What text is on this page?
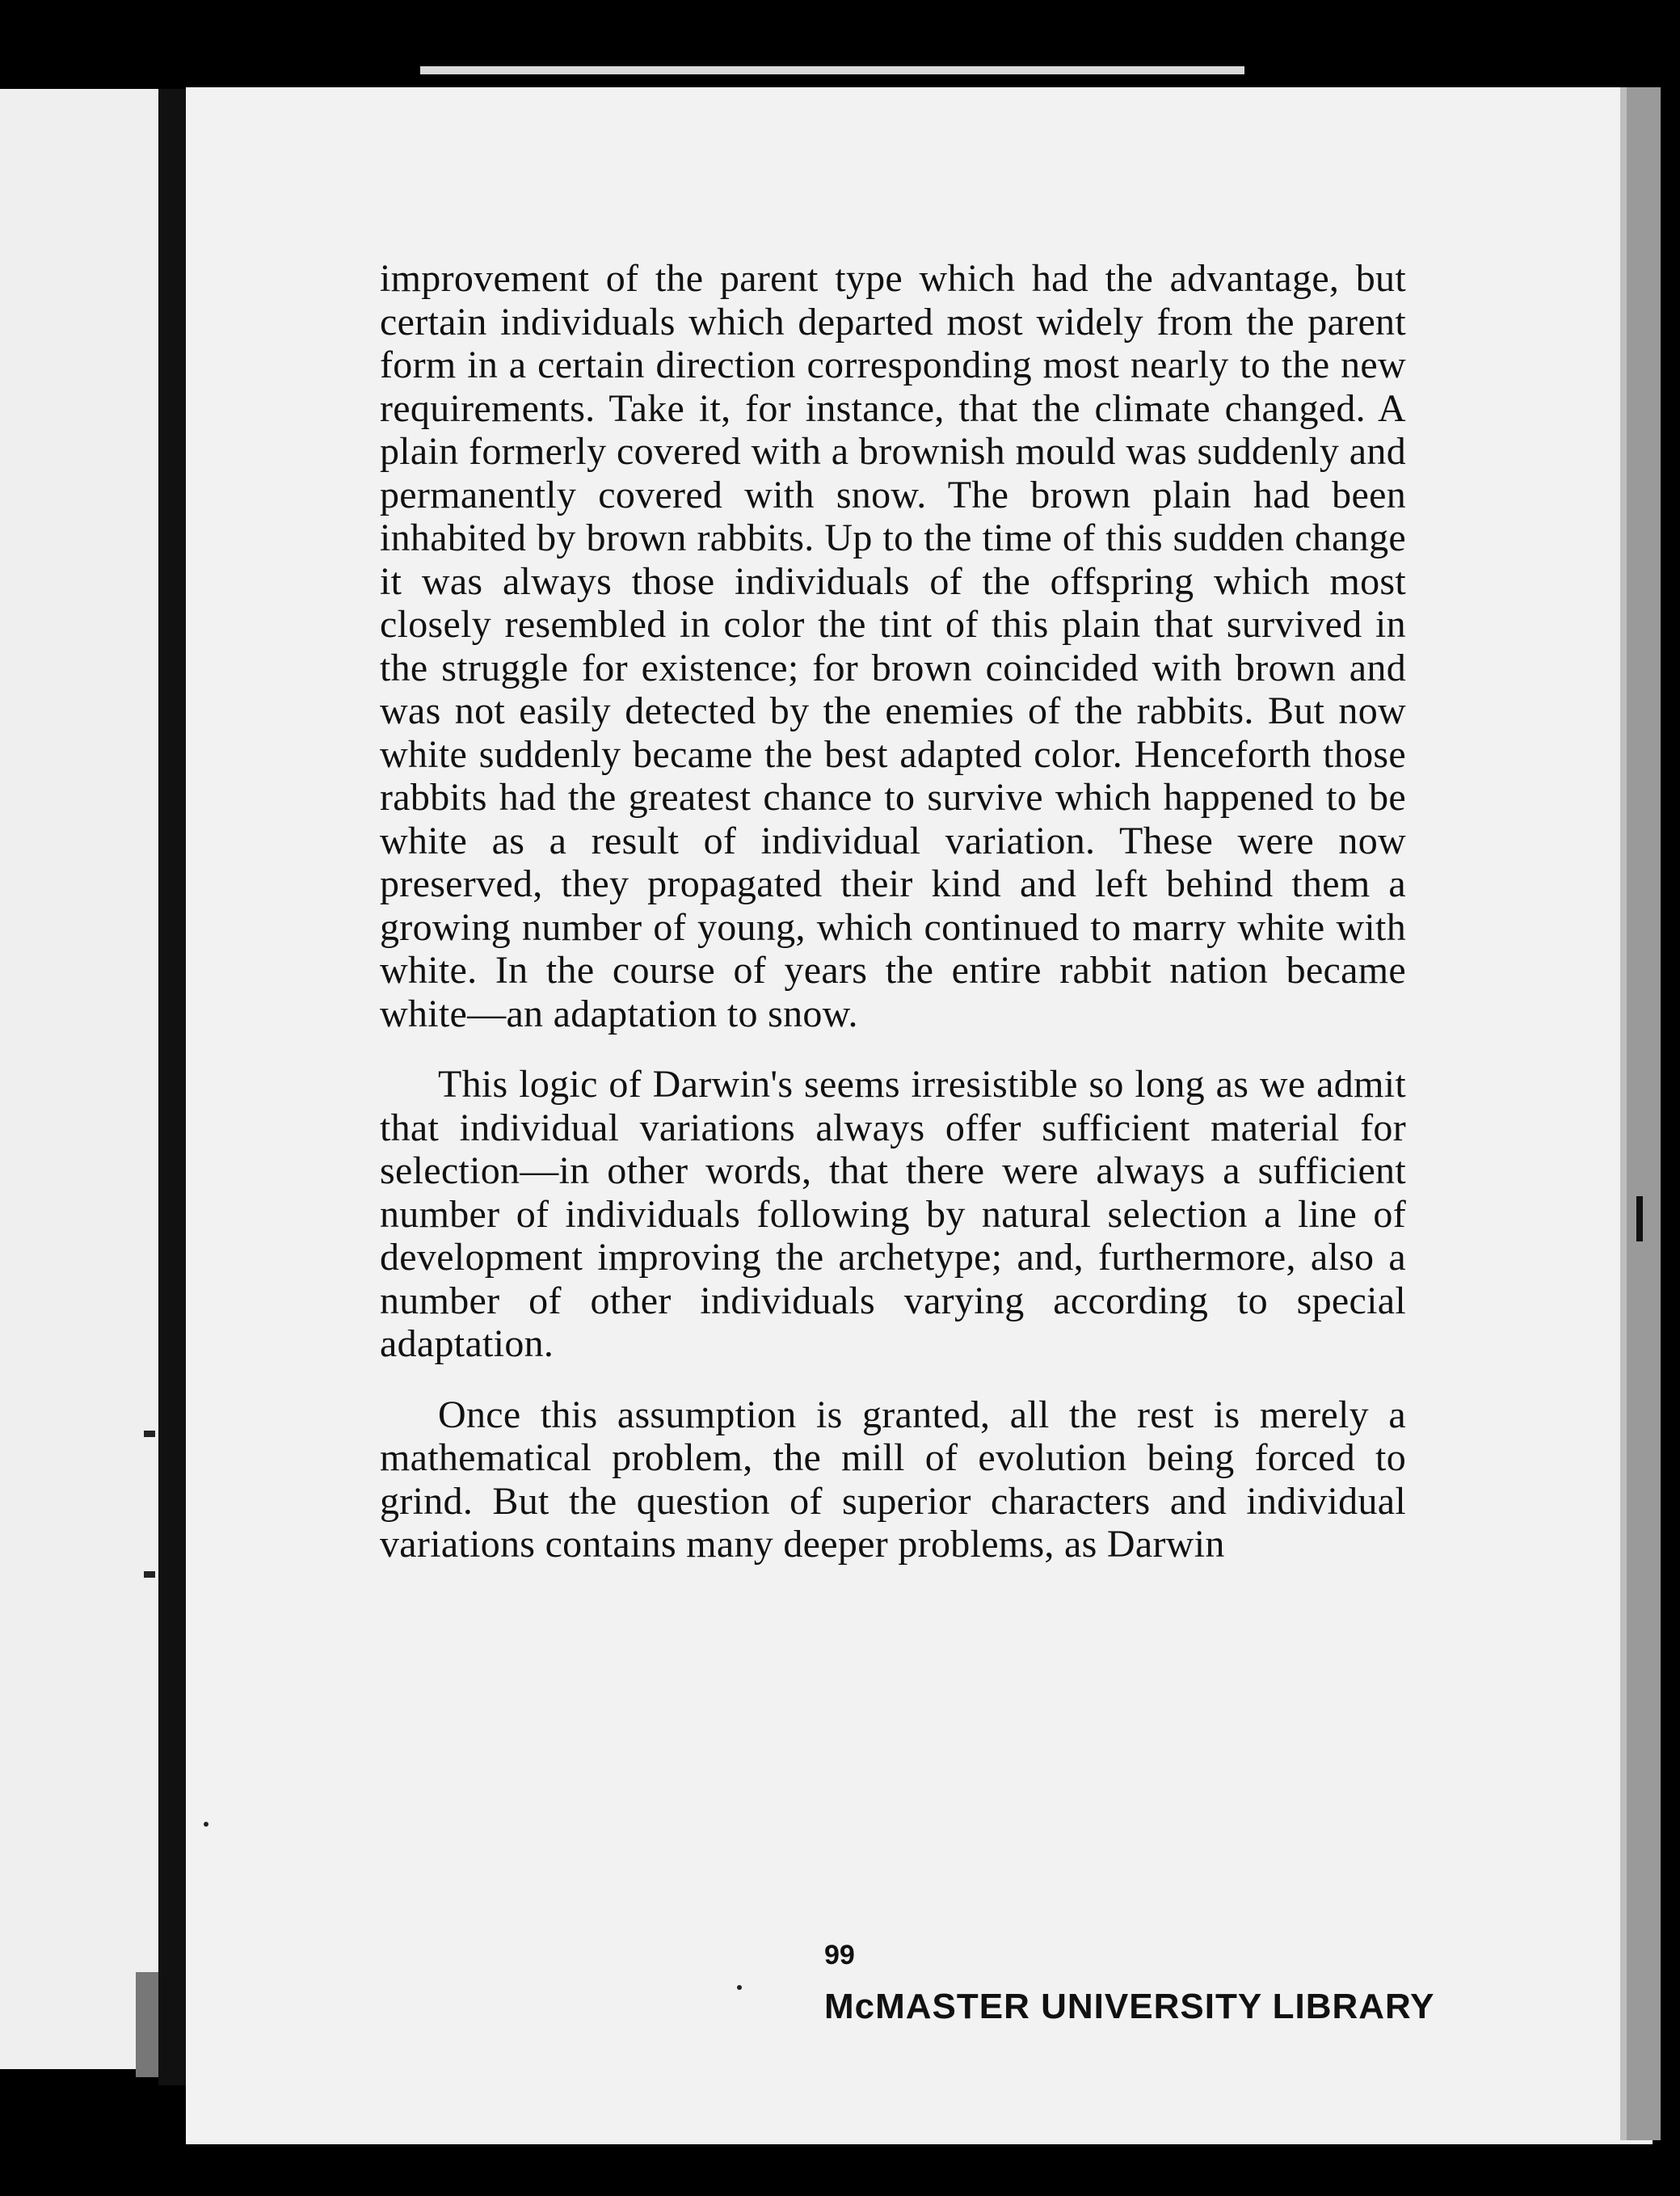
improvement of the parent type which had the advantage, but certain individuals which departed most widely from the parent form in a certain direction corresponding most nearly to the new requirements. Take it, for instance, that the climate changed. A plain formerly covered with a brownish mould was suddenly and permanently covered with snow. The brown plain had been inhabited by brown rabbits. Up to the time of this sudden change it was always those individuals of the offspring which most closely resembled in color the tint of this plain that survived in the struggle for existence; for brown coincided with brown and was not easily detected by the enemies of the rabbits. But now white suddenly became the best adapted color. Henceforth those rabbits had the greatest chance to survive which happened to be white as a result of individual variation. These were now preserved, they propagated their kind and left behind them a growing number of young, which continued to marry white with white. In the course of years the entire rabbit nation became white—an adaptation to snow.

This logic of Darwin's seems irresistible so long as we admit that individual variations always offer sufficient material for selection—in other words, that there were always a sufficient number of individuals following by natural selection a line of development improving the archetype; and, furthermore, also a number of other individuals varying according to special adaptation.

Once this assumption is granted, all the rest is merely a mathematical problem, the mill of evolution being forced to grind. But the question of superior characters and individual variations contains many deeper problems, as Darwin

99
McMASTER UNIVERSITY LIBRARY
